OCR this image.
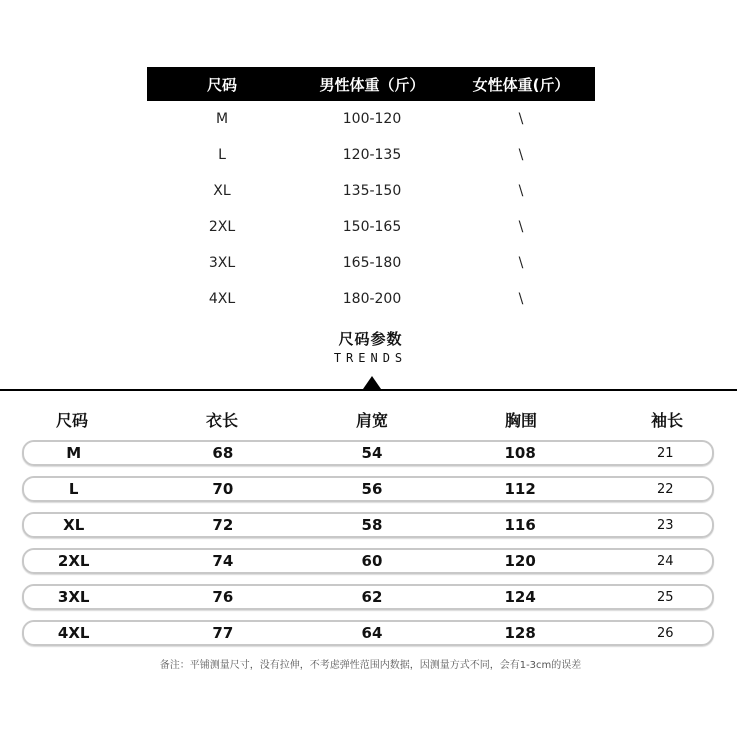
尺码	男性体重（斤）	女性体重(斤）
M	100-120	\
L	120-135	\
XL	135-150	\
2XL	150-165	\
3XL	165-180	\
4XL	180-200	\
尺码参数
TRENDS
尺码	衣长	肩宽	胸围	袖长
M	68	54	108	21
L	70	56	112	22
XL	72	58	116	23
2XL	74	60	120	24
3XL	76	62	124	25
4XL	77	64	128	26
备注：平铺测量尺寸，没有拉伸，不考虑弹性范围内数据，因测量方式不同，会有1-3cm的误差
